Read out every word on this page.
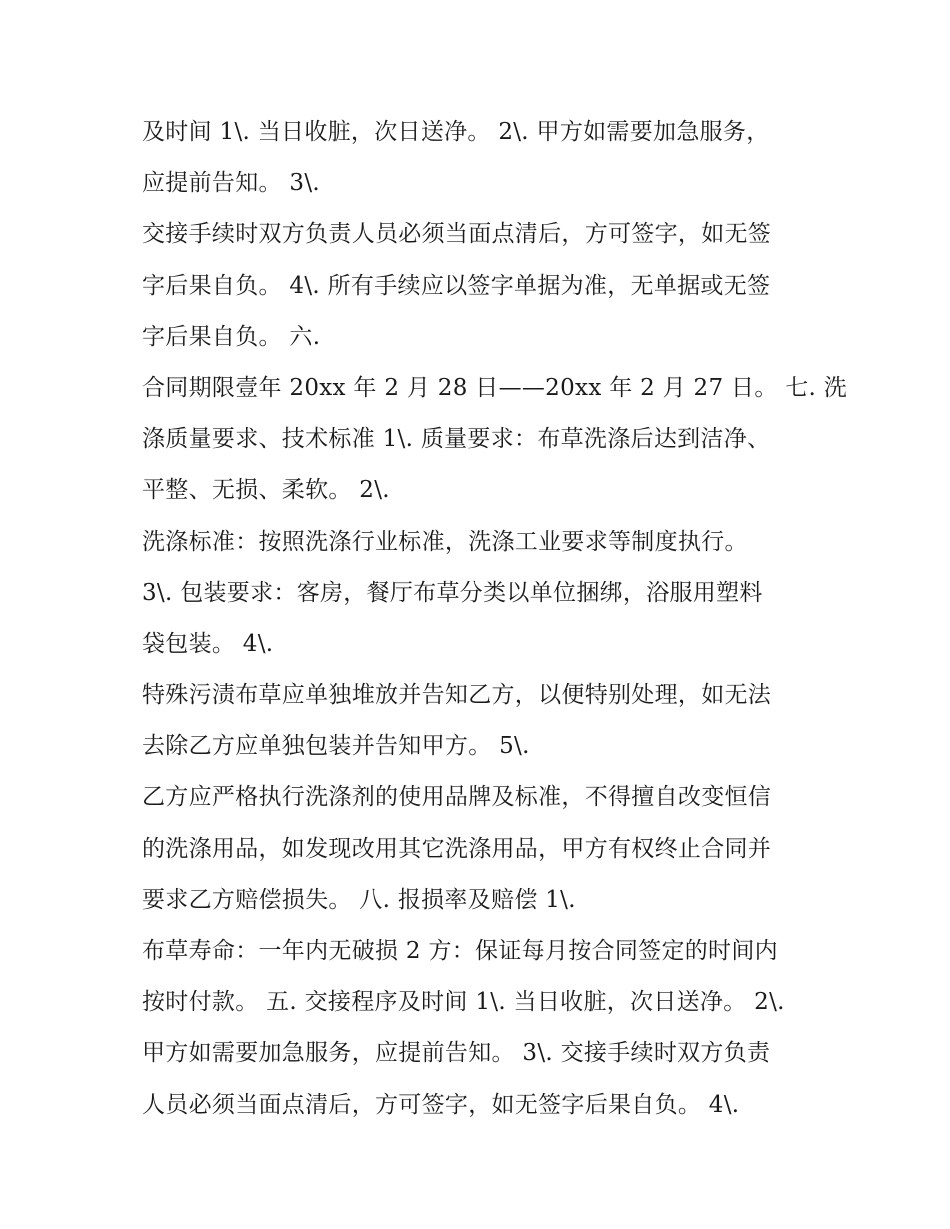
及时间 1\. 当日收脏，次日送净。 2\. 甲方如需要加急服务，
应提前告知。 3\.
交接手续时双方负责人员必须当面点清后，方可签字，如无签
字后果自负。 4\. 所有手续应以签字单据为准，无单据或无签
字后果自负。 六.
合同期限壹年 20xx 年 2 月 28 日——20xx 年 2 月 27 日。 七. 洗
涤质量要求、技术标准 1\. 质量要求：布草洗涤后达到洁净、
平整、无损、柔软。 2\.
洗涤标准：按照洗涤行业标准，洗涤工业要求等制度执行。
3\. 包装要求：客房，餐厅布草分类以单位捆绑，浴服用塑料
袋包装。 4\.
特殊污渍布草应单独堆放并告知乙方，以便特别处理，如无法
去除乙方应单独包装并告知甲方。 5\.
乙方应严格执行洗涤剂的使用品牌及标准，不得擅自改变恒信
的洗涤用品，如发现改用其它洗涤用品，甲方有权终止合同并
要求乙方赔偿损失。 八. 报损率及赔偿 1\.
布草寿命：一年内无破损 2 方：保证每月按合同签定的时间内
按时付款。 五. 交接程序及时间 1\. 当日收脏，次日送净。 2\.
甲方如需要加急服务，应提前告知。 3\. 交接手续时双方负责
人员必须当面点清后，方可签字，如无签字后果自负。 4\.
